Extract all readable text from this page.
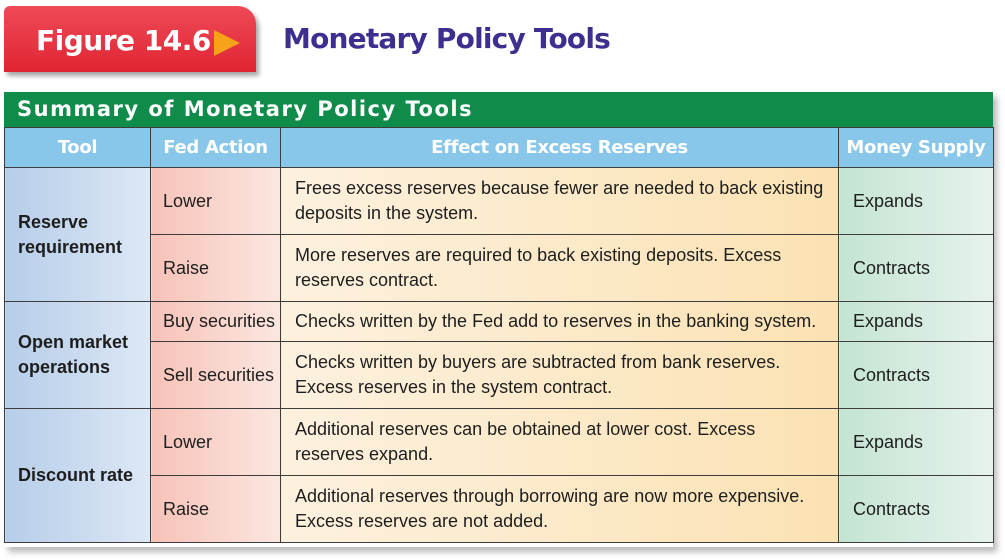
Figure 14.6	Monetary Policy Tools
Summary of Monetary Policy Tools
Tool	Fed Action	Effect on Excess Reserves	Money Supply
Reserve requirement	Lower	Frees excess reserves because fewer are needed to back existing deposits in the system.	Expands
	Raise	More reserves are required to back existing deposits. Excess reserves contract.	Contracts
Open market operations	Buy securities	Checks written by the Fed add to reserves in the banking system.	Expands
	Sell securities	Checks written by buyers are subtracted from bank reserves. Excess reserves in the system contract.	Contracts
Discount rate	Lower	Additional reserves can be obtained at lower cost. Excess reserves expand.	Expands
	Raise	Additional reserves through borrowing are now more expensive. Excess reserves are not added.	Contracts
